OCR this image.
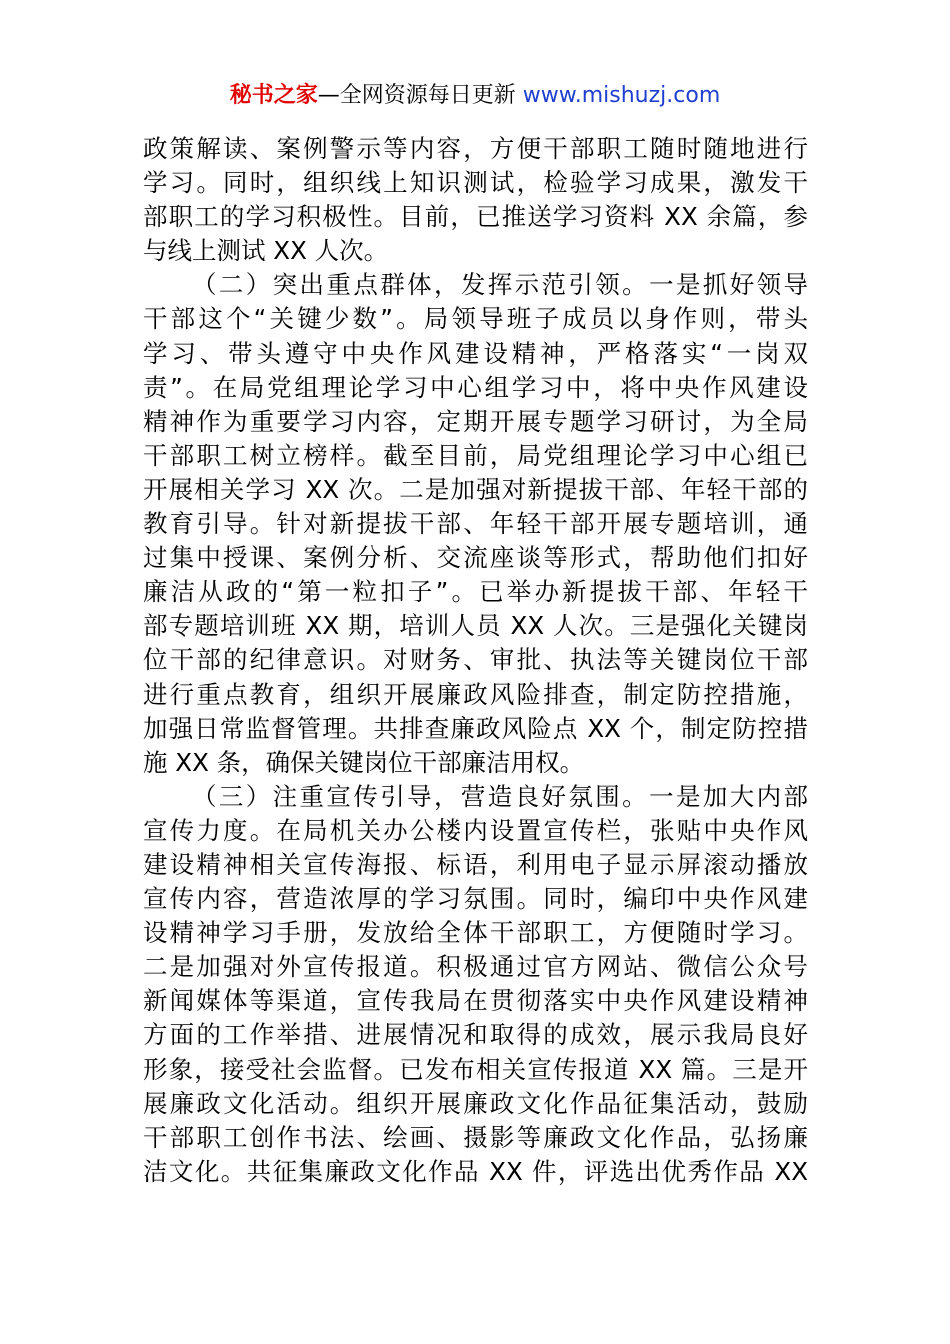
秘书之家—全网资源每日更新 www.mishuzj.com
政策解读、案例警示等内容，方便干部职工随时随地进行
学习。同时，组织线上知识测试，检验学习成果，激发干
部职工的学习积极性。目前，已推送学习资料 XX 余篇，参
与线上测试 XX 人次。
（二）突出重点群体，发挥示范引领。一是抓好领导
干部这个“关键少数”。局领导班子成员以身作则，带头
学习、带头遵守中央作风建设精神，严格落实“一岗双
责”。在局党组理论学习中心组学习中，将中央作风建设
精神作为重要学习内容，定期开展专题学习研讨，为全局
干部职工树立榜样。截至目前，局党组理论学习中心组已
开展相关学习 XX 次。二是加强对新提拔干部、年轻干部的
教育引导。针对新提拔干部、年轻干部开展专题培训，通
过集中授课、案例分析、交流座谈等形式，帮助他们扣好
廉洁从政的“第一粒扣子”。已举办新提拔干部、年轻干
部专题培训班 XX 期，培训人员 XX 人次。三是强化关键岗
位干部的纪律意识。对财务、审批、执法等关键岗位干部
进行重点教育，组织开展廉政风险排查，制定防控措施，
加强日常监督管理。共排查廉政风险点 XX 个，制定防控措
施 XX 条，确保关键岗位干部廉洁用权。
（三）注重宣传引导，营造良好氛围。一是加大内部
宣传力度。在局机关办公楼内设置宣传栏，张贴中央作风
建设精神相关宣传海报、标语，利用电子显示屏滚动播放
宣传内容，营造浓厚的学习氛围。同时，编印中央作风建
设精神学习手册，发放给全体干部职工，方便随时学习。
二是加强对外宣传报道。积极通过官方网站、微信公众号
新闻媒体等渠道，宣传我局在贯彻落实中央作风建设精神
方面的工作举措、进展情况和取得的成效，展示我局良好
形象，接受社会监督。已发布相关宣传报道 XX 篇。三是开
展廉政文化活动。组织开展廉政文化作品征集活动，鼓励
干部职工创作书法、绘画、摄影等廉政文化作品，弘扬廉
洁文化。共征集廉政文化作品 XX 件，评选出优秀作品 XX
